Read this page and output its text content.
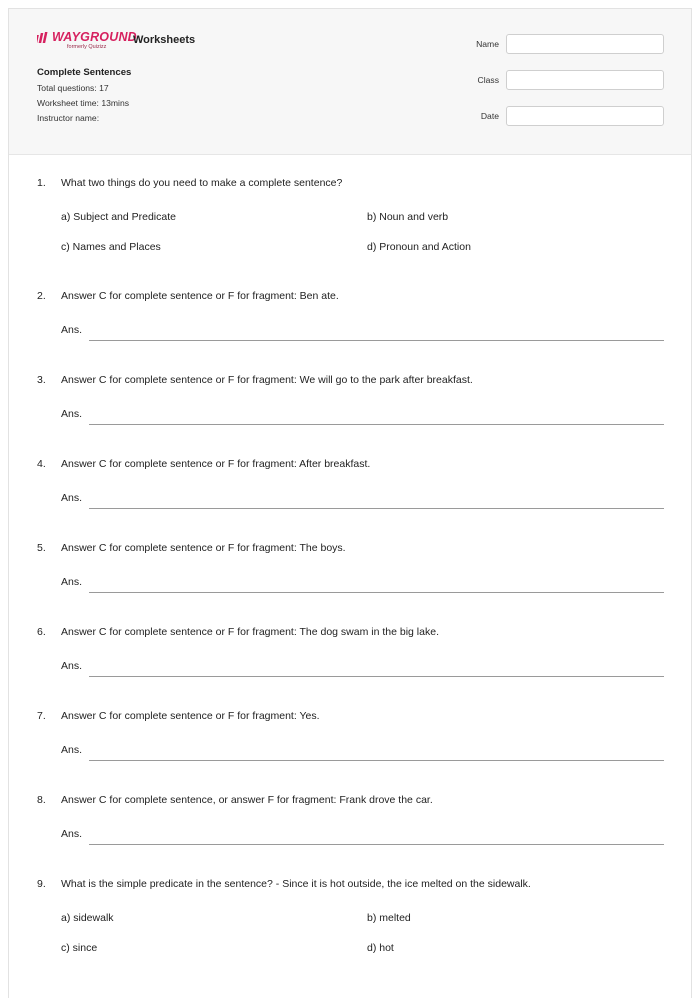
WAYGROUND
formerly Quizizz
Worksheets
Complete Sentences
Total questions: 17
Worksheet time: 13mins
Instructor name:
Name
Class
Date
1. What two things do you need to make a complete sentence?
a) Subject and Predicate	b) Noun and verb
c) Names and Places	d) Pronoun and Action
2. Answer C for complete sentence or F for fragment: Ben ate.
Ans.
3. Answer C for complete sentence or F for fragment: We will go to the park after breakfast.
Ans.
4. Answer C for complete sentence or F for fragment: After breakfast.
Ans.
5. Answer C for complete sentence or F for fragment: The boys.
Ans.
6. Answer C for complete sentence or F for fragment: The dog swam in the big lake.
Ans.
7. Answer C for complete sentence or F for fragment: Yes.
Ans.
8. Answer C for complete sentence, or answer F for fragment: Frank drove the car.
Ans.
9. What is the simple predicate in the sentence? - Since it is hot outside, the ice melted on the sidewalk.
a) sidewalk	b) melted
c) since	d) hot
